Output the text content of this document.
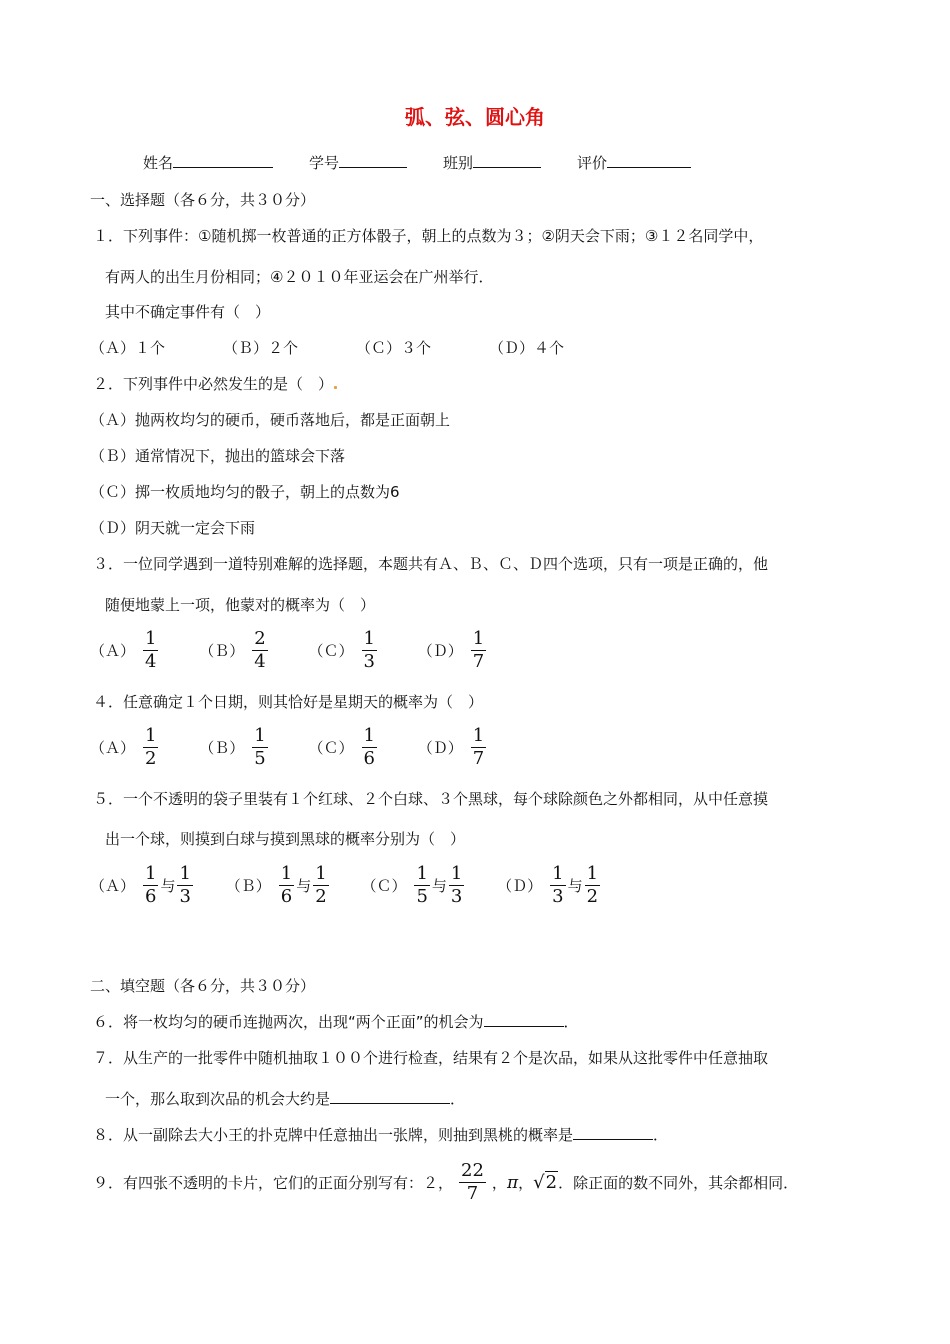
弧、弦、圆心角
姓名	学号	班别	评价
一、选择题（各６分，共３０分）
１．下列事件：①随机掷一枚普通的正方体骰子，朝上的点数为３；②阴天会下雨；③１２名同学中，
有两人的出生月份相同；④２０１０年亚运会在广州举行．
其中不确定事件有（　）
（Ａ）１个	（Ｂ）２个	（Ｃ）３个	（Ｄ）４个
２．下列事件中必然发生的是（　）
（Ａ）抛两枚均匀的硬币，硬币落地后，都是正面朝上
（Ｂ）通常情况下，抛出的篮球会下落
（Ｃ）掷一枚质地均匀的骰子，朝上的点数为6
（Ｄ）阴天就一定会下雨
３．一位同学遇到一道特别难解的选择题，本题共有Ａ、Ｂ、Ｃ、Ｄ四个选项，只有一项是正确的，他
随便地蒙上一项，他蒙对的概率为（　）
（Ａ） $\frac{1}{4}$
	（Ｂ） $\frac{2}{4}$
	（Ｃ） $\frac{1}{3}$
	（Ｄ） $\frac{1}{7}$
４．任意确定１个日期，则其恰好是星期天的概率为（　）
（Ａ） $\frac{1}{2}$
	（Ｂ） $\frac{1}{5}$
	（Ｃ） $\frac{1}{6}$
	（Ｄ） $\frac{1}{7}$
５．一个不透明的袋子里装有１个红球、２个白球、３个黑球，每个球除颜色之外都相同，从中任意摸
出一个球，则摸到白球与摸到黑球的概率分别为（　）
（Ａ） $\frac{1}{6}$ 与 $\frac{1}{3}$
（Ｂ） $\frac{1}{6}$ 与 $\frac{1}{2}$
（Ｃ） $\frac{1}{5}$ 与 $\frac{1}{3}$
（Ｄ） $\frac{1}{3}$ 与 $\frac{1}{2}$
二、填空题（各６分，共３０分）
６．将一枚均匀的硬币连抛两次，出现“两个正面”的机会为	．
７．从生产的一批零件中随机抽取１００个进行检查，结果有２个是次品，如果从这批零件中任意抽取
一个，那么取到次品的机会大约是	．
８．从一副除去大小王的扑克牌中任意抽出一张牌，则抽到黑桃的概率是	．
９．有四张不透明的卡片，它们的正面分别写有：２， $\frac{22}{7}$ ， π ， √2 ．除正面的数不同外，其余都相同．
